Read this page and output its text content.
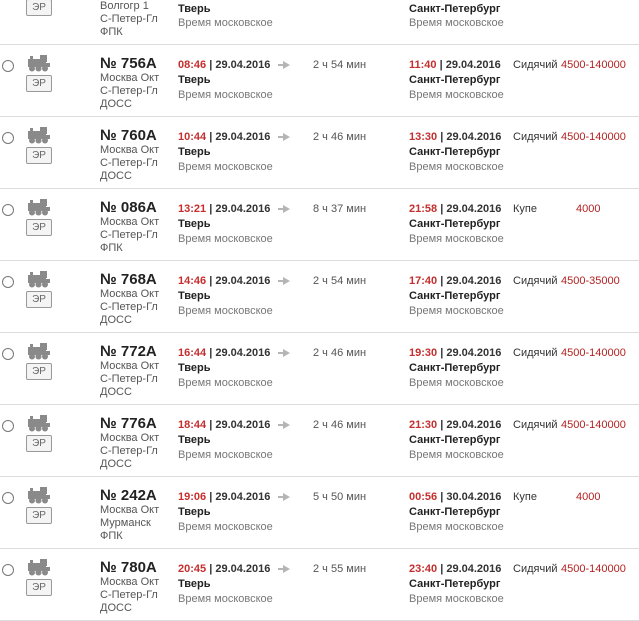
ЭР	Волгогр 1
С-Петер-Гл
ФПК
Тверь
Время московское
Санкт-Петербург
Время московское
ЭР
№ 756А
Москва Окт
С-Петер-Гл
ДОСС
08:46 | 29.04.2016
Тверь
Время московское
2 ч 54 мин	11:40 | 29.04.2016
Санкт-Петербург
Время московское
Сидячий 4500-140000
ЭР
№ 760А
Москва Окт
С-Петер-Гл
ДОСС
10:44 | 29.04.2016
Тверь
Время московское
2 ч 46 мин	13:30 | 29.04.2016
Санкт-Петербург
Время московское
Сидячий 4500-140000
ЭР
№ 086А
Москва Окт
С-Петер-Гл
ФПК
13:21 | 29.04.2016
Тверь
Время московское
8 ч 37 мин	21:58 | 29.04.2016
Санкт-Петербург
Время московское
Купе	4000
ЭР
№ 768А
Москва Окт
С-Петер-Гл
ДОСС
14:46 | 29.04.2016
Тверь
Время московское
2 ч 54 мин	17:40 | 29.04.2016
Санкт-Петербург
Время московское
Сидячий 4500-35000
ЭР
№ 772А
Москва Окт
С-Петер-Гл
ДОСС
16:44 | 29.04.2016
Тверь
Время московское
2 ч 46 мин	19:30 | 29.04.2016
Санкт-Петербург
Время московское
Сидячий 4500-140000
ЭР
№ 776А
Москва Окт
С-Петер-Гл
ДОСС
18:44 | 29.04.2016
Тверь
Время московское
2 ч 46 мин	21:30 | 29.04.2016
Санкт-Петербург
Время московское
Сидячий 4500-140000
ЭР
№ 242А
Москва Окт
Мурманск
ФПК
19:06 | 29.04.2016
Тверь
Время московское
5 ч 50 мин	00:56 | 30.04.2016
Санкт-Петербург
Время московское
Купе	4000
ЭР
№ 780А
Москва Окт
С-Петер-Гл
ДОСС
20:45 | 29.04.2016
Тверь
Время московское
2 ч 55 мин	23:40 | 29.04.2016
Санкт-Петербург
Время московское
Сидячий 4500-140000
